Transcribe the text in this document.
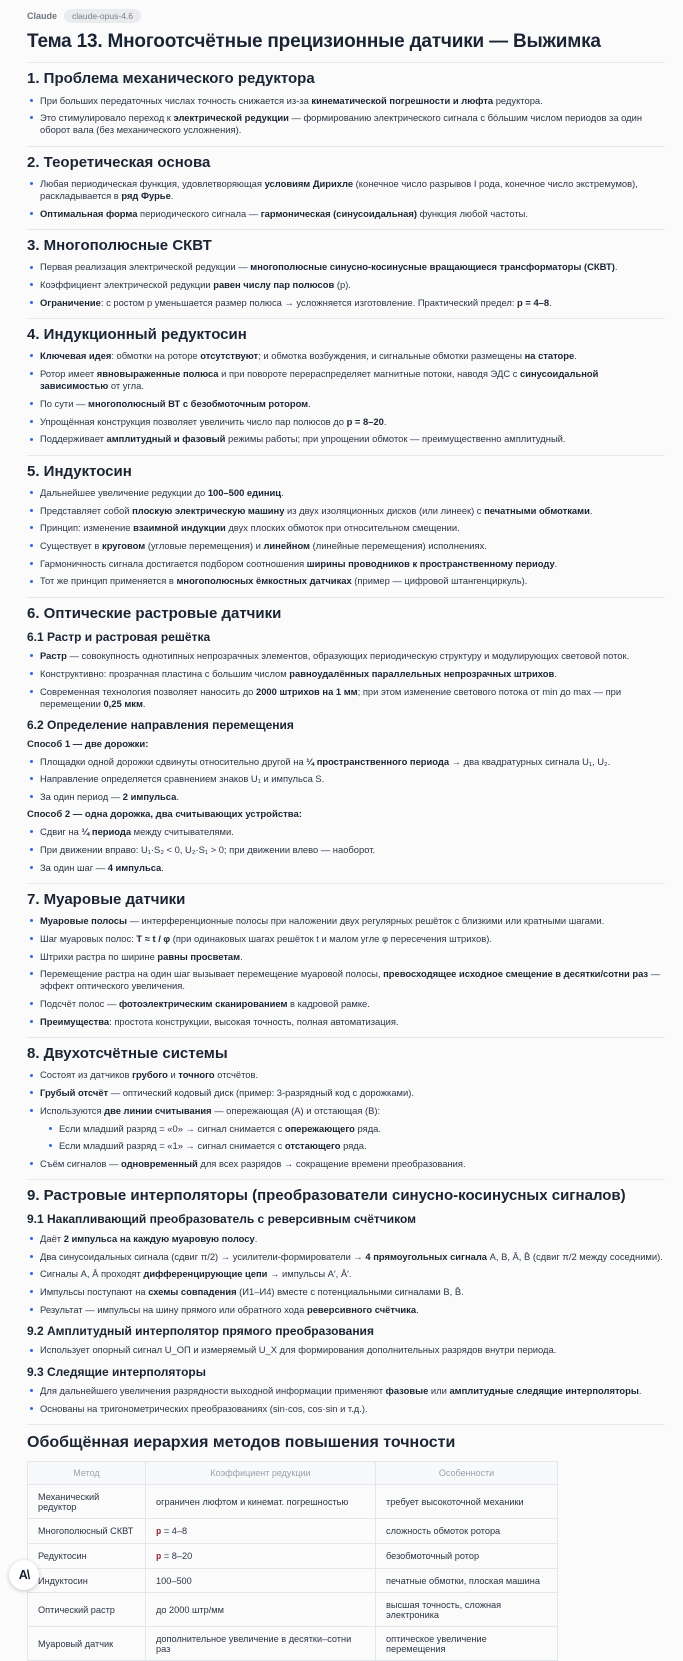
Claude	claude-opus-4.6
Тема 13. Многоотсчётные прецизионные датчики — Выжимка
1. Проблема механического редуктора
При больших передаточных числах точность снижается из-за кинематической погрешности и люфта редуктора.
Это стимулировало переход к электрической редукции — формированию электрического сигнала с бо́льшим числом периодов за один оборот вала (без механического усложнения).
2. Теоретическая основа
Любая периодическая функция, удовлетворяющая условиям Дирихле (конечное число разрывов I рода, конечное число экстремумов), раскладывается в ряд Фурье.
Оптимальная форма периодического сигнала — гармоническая (синусоидальная) функция любой частоты.
3. Многополюсные СКВТ
Первая реализация электрической редукции — многополюсные синусно-косинусные вращающиеся трансформаторы (СКВТ).
Коэффициент электрической редукции равен числу пар полюсов (p).
Ограничение: с ростом p уменьшается размер полюса → усложняется изготовление. Практический предел: p = 4–8.
4. Индукционный редуктосин
Ключевая идея: обмотки на роторе отсутствуют; и обмотка возбуждения, и сигнальные обмотки размещены на статоре.
Ротор имеет явновыраженные полюса и при повороте перераспределяет магнитные потоки, наводя ЭДС с синусоидальной зависимостью от угла.
По сути — многополюсный ВТ с безобмоточным ротором.
Упрощённая конструкция позволяет увеличить число пар полюсов до p = 8–20.
Поддерживает амплитудный и фазовый режимы работы; при упрощении обмоток — преимущественно амплитудный.
5. Индуктосин
Дальнейшее увеличение редукции до 100–500 единиц.
Представляет собой плоскую электрическую машину из двух изоляционных дисков (или линеек) с печатными обмотками.
Принцип: изменение взаимной индукции двух плоских обмоток при относительном смещении.
Существует в круговом (угловые перемещения) и линейном (линейные перемещения) исполнениях.
Гармоничность сигнала достигается подбором соотношения ширины проводников к пространственному периоду.
Тот же принцип применяется в многополюсных ёмкостных датчиках (пример — цифровой штангенциркуль).
6. Оптические растровые датчики
6.1 Растр и растровая решётка
Растр — совокупность однотипных непрозрачных элементов, образующих периодическую структуру и модулирующих световой поток.
Конструктивно: прозрачная пластина с большим числом равноудалённых параллельных непрозрачных штрихов.
Современная технология позволяет наносить до 2000 штрихов на 1 мм; при этом изменение светового потока от min до max — при перемещении 0,25 мкм.
6.2 Определение направления перемещения

Способ 1 — две дорожки:

Площадки одной дорожки сдвинуты относительно другой на ¼ пространственного периода → два квадратурных сигнала U₁, U₂.
Направление определяется сравнением знаков U₁ и импульса S.
За один период — 2 импульса.

Способ 2 — одна дорожка, два считывающих устройства:

Сдвиг на ¼ периода между считывателями.
При движении вправо: U₁·S₂ < 0, U₂·S₁ > 0; при движении влево — наоборот.
За один шаг — 4 импульса.
7. Муаровые датчики
Муаровые полосы — интерференционные полосы при наложении двух регулярных решёток с близкими или кратными шагами.
Шаг муаровых полос: T ≈ t / φ (при одинаковых шагах решёток t и малом угле φ пересечения штрихов).
Штрихи растра по ширине равны просветам.
Перемещение растра на один шаг вызывает перемещение муаровой полосы, превосходящее исходное смещение в десятки/сотни раз — эффект оптического увеличения.
Подсчёт полос — фотоэлектрическим сканированием в кадровой рамке.
Преимущества: простота конструкции, высокая точность, полная автоматизация.
8. Двухотсчётные системы
Состоят из датчиков грубого и точного отсчётов.
Грубый отсчёт — оптический кодовый диск (пример: 3-разрядный код с дорожками).
Используются две линии считывания — опережающая (А) и отстающая (В):
Если младший разряд = «0» → сигнал снимается с опережающего ряда.
Если младший разряд = «1» → сигнал снимается с отстающего ряда.
Съём сигналов — одновременный для всех разрядов → сокращение времени преобразования.
9. Растровые интерполяторы (преобразователи синусно-косинусных сигналов)
9.1 Накапливающий преобразователь с реверсивным счётчиком
Даёт 2 импульса на каждую муаровую полосу.
Два синусоидальных сигнала (сдвиг π/2) → усилители-формирователи → 4 прямоугольных сигнала A, B, Ā, B̄ (сдвиг π/2 между соседними).
Сигналы A, Ā проходят дифференцирующие цепи → импульсы A′, Ā′.
Импульсы поступают на схемы совпадения (И1–И4) вместе с потенциальными сигналами B, B̄.
Результат — импульсы на шину прямого или обратного хода реверсивного счётчика.
9.2 Амплитудный интерполятор прямого преобразования
Использует опорный сигнал U_ОП и измеряемый U_X для формирования дополнительных разрядов внутри периода.
9.3 Следящие интерполяторы
Для дальнейшего увеличения разрядности выходной информации применяют фазовые или амплитудные следящие интерполяторы.
Основаны на тригонометрических преобразованиях (sin·cos, cos·sin и т.д.).
Обобщённая иерархия методов повышения точности
Метод	Коэффициент редукции	Особенности
Механический редуктор	ограничен люфтом и кинемат. погрешностью	требует высокоточной механики
Многополюсный СКВТ	p = 4–8	сложность обмоток ротора
Редуктосин	p = 8–20	безобмоточный ротор
Индуктосин	100–500	печатные обмотки, плоская машина
Оптический растр	до 2000 штр/мм	высшая точность, сложная электроника
Муаровый датчик	дополнительное увеличение в десятки–сотни раз	оптическое увеличение перемещения
A\
